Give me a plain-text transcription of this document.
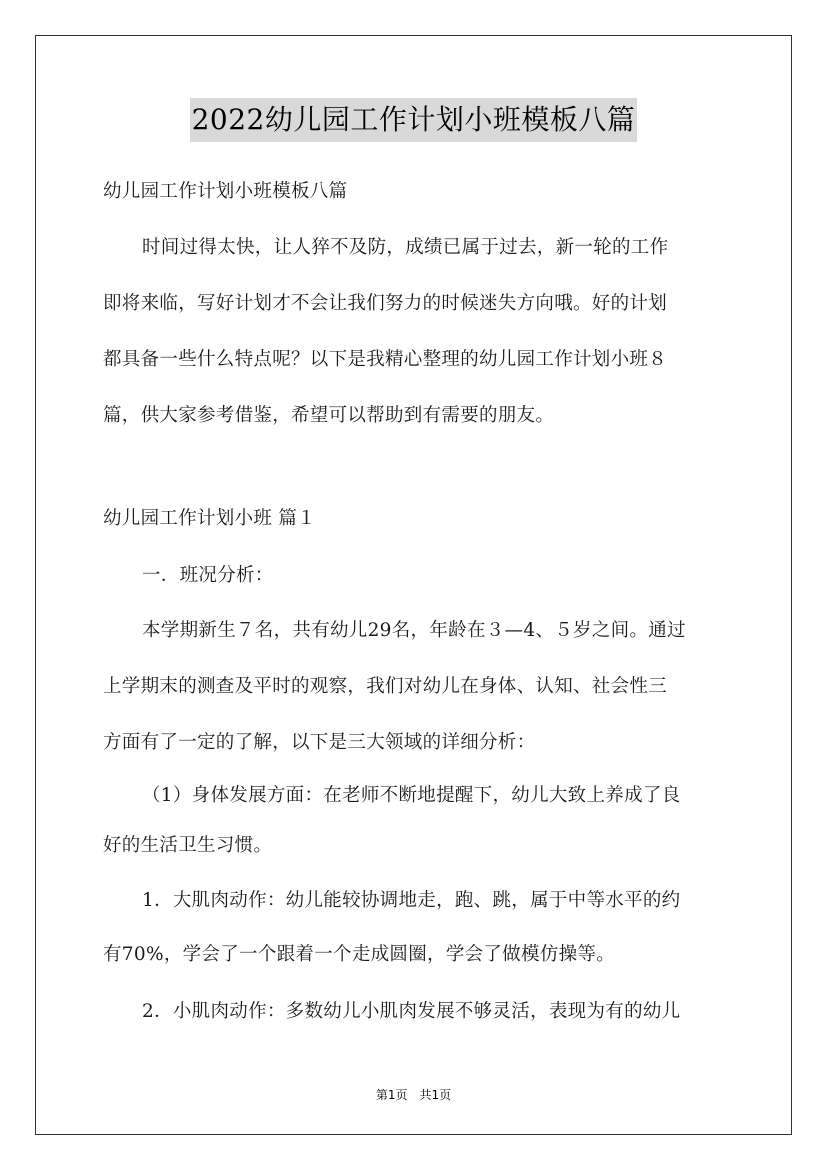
2022幼儿园工作计划小班模板八篇
幼儿园工作计划小班模板八篇
时间过得太快，让人猝不及防，成绩已属于过去，新一轮的工作
即将来临，写好计划才不会让我们努力的时候迷失方向哦。好的计划
都具备一些什么特点呢？以下是我精心整理的幼儿园工作计划小班８
篇，供大家参考借鉴，希望可以帮助到有需要的朋友。
幼儿园工作计划小班 篇１
一．班况分析：
本学期新生７名，共有幼儿29名，年龄在３—4、５岁之间。通过
上学期末的测查及平时的观察，我们对幼儿在身体、认知、社会性三
方面有了一定的了解，以下是三大领域的详细分析：
（1）身体发展方面：在老师不断地提醒下，幼儿大致上养成了良
好的生活卫生习惯。
1．大肌肉动作：幼儿能较协调地走，跑、跳，属于中等水平的约
有70%，学会了一个跟着一个走成圆圈，学会了做模仿操等。
2．小肌肉动作：多数幼儿小肌肉发展不够灵活，表现为有的幼儿
第1页　共1页
